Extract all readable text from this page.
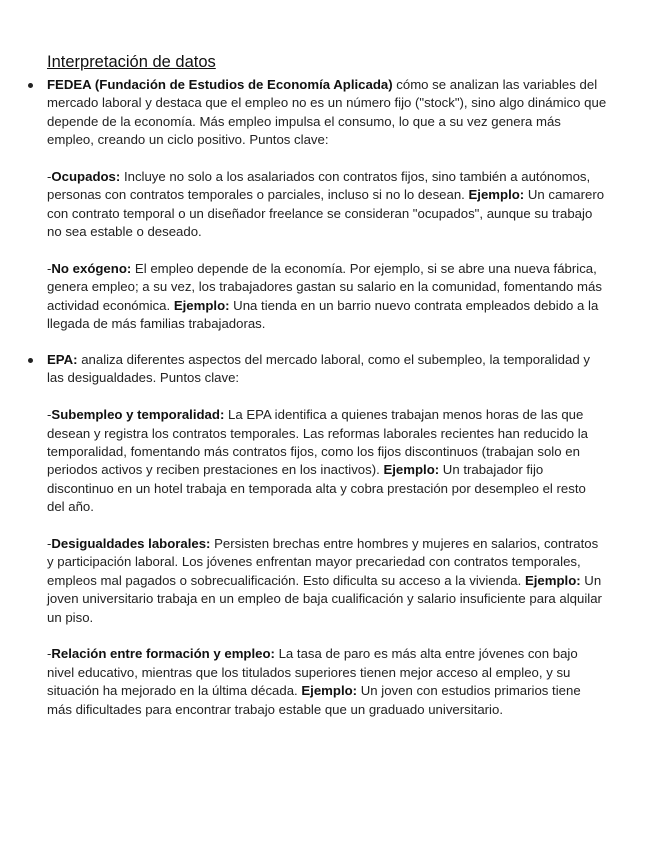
Interpretación de datos

FEDEA (Fundación de Estudios de Economía Aplicada) cómo se analizan las variables del mercado laboral y destaca que el empleo no es un número fijo ("stock"), sino algo dinámico que depende de la economía. Más empleo impulsa el consumo, lo que a su vez genera más empleo, creando un ciclo positivo. Puntos clave:

-Ocupados: Incluye no solo a los asalariados con contratos fijos, sino también a autónomos, personas con contratos temporales o parciales, incluso si no lo desean. Ejemplo: Un camarero con contrato temporal o un diseñador freelance se consideran "ocupados", aunque su trabajo no sea estable o deseado.

-No exógeno: El empleo depende de la economía. Por ejemplo, si se abre una nueva fábrica, genera empleo; a su vez, los trabajadores gastan su salario en la comunidad, fomentando más actividad económica. Ejemplo: Una tienda en un barrio nuevo contrata empleados debido a la llegada de más familias trabajadoras.

EPA: analiza diferentes aspectos del mercado laboral, como el subempleo, la temporalidad y las desigualdades. Puntos clave:

-Subempleo y temporalidad: La EPA identifica a quienes trabajan menos horas de las que desean y registra los contratos temporales. Las reformas laborales recientes han reducido la temporalidad, fomentando más contratos fijos, como los fijos discontinuos (trabajan solo en periodos activos y reciben prestaciones en los inactivos). Ejemplo: Un trabajador fijo discontinuo en un hotel trabaja en temporada alta y cobra prestación por desempleo el resto del año.

-Desigualdades laborales: Persisten brechas entre hombres y mujeres en salarios, contratos y participación laboral. Los jóvenes enfrentan mayor precariedad con contratos temporales, empleos mal pagados o sobrecualificación. Esto dificulta su acceso a la vivienda. Ejemplo: Un joven universitario trabaja en un empleo de baja cualificación y salario insuficiente para alquilar un piso.

-Relación entre formación y empleo: La tasa de paro es más alta entre jóvenes con bajo nivel educativo, mientras que los titulados superiores tienen mejor acceso al empleo, y su situación ha mejorado en la última década. Ejemplo: Un joven con estudios primarios tiene más dificultades para encontrar trabajo estable que un graduado universitario.
